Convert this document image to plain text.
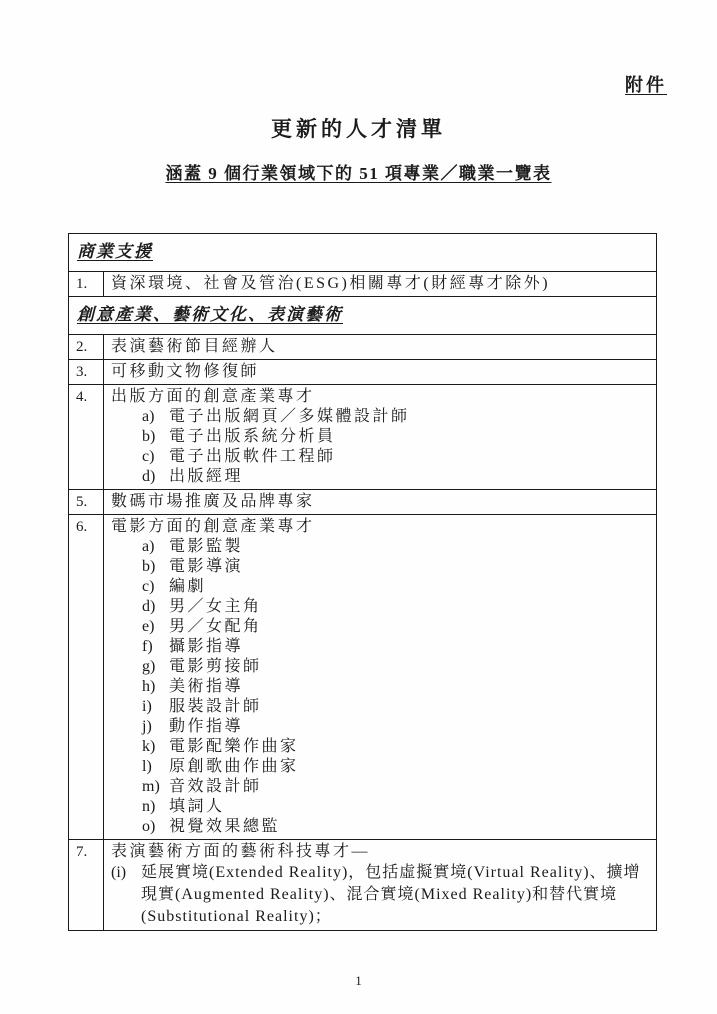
附件
更新的人才清單
涵蓋 9 個行業領域下的 51 項專業／職業一覽表
商業支援
1.	資深環境、社會及管治(ESG)相關專才(財經專才除外)
創意產業、藝術文化、表演藝術
2.	表演藝術節目經辦人
3.	可移動文物修復師
4.	出版方面的創意產業專才
a) 電子出版網頁／多媒體設計師
b) 電子出版系統分析員
c) 電子出版軟件工程師
d) 出版經理
5.	數碼市場推廣及品牌專家
6.	電影方面的創意產業專才
a) 電影監製
b) 電影導演
c) 編劇
d) 男／女主角
e) 男／女配角
f)	攝影指導
g) 電影剪接師
h) 美術指導
i)	服裝設計師
j)	動作指導
k) 電影配樂作曲家
l)	原創歌曲作曲家
m) 音效設計師
n) 填詞人
o) 視覺效果總監
7.	表演藝術方面的藝術科技專才—
(i) 延展實境(Extended Reality)，包括虛擬實境(Virtual Reality)、擴增現實(Augmented Reality)、混合實境(Mixed Reality)和替代實境(Substitutional Reality)；
1
